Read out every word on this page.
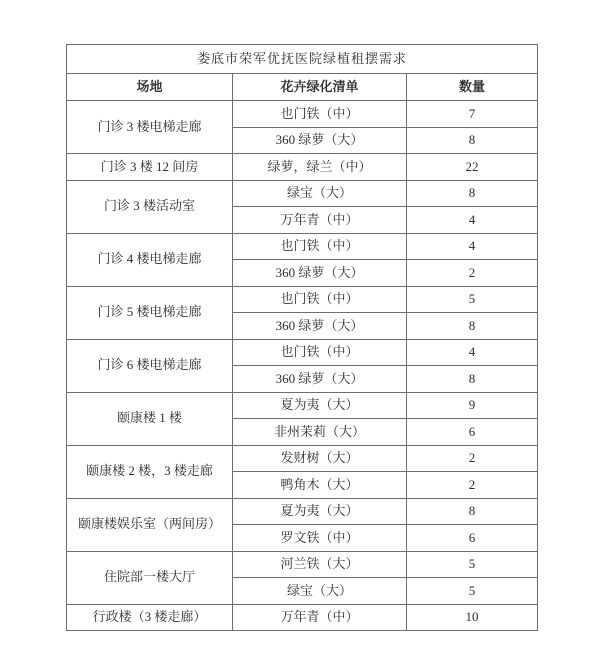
娄底市荣军优抚医院绿植租摆需求		
场地	花卉绿化清单	数量
门诊 3 楼电梯走廊	也门铁（中）	7
	360 绿萝（大）	8
门诊 3 楼 12 间房	绿萝，绿兰（中）	22
门诊 3 楼活动室	绿宝（大）	8
	万年青（中）	4
门诊 4 楼电梯走廊	也门铁（中）	4
	360 绿萝（大）	2
门诊 5 楼电梯走廊	也门铁（中）	5
	360 绿萝（大）	8
门诊 6 楼电梯走廊	也门铁（中）	4
	360 绿萝（大）	8
颐康楼 1 楼	夏为夷（大）	9
	非州茉莉（大）	6
颐康楼 2 楼，3 楼走廊	发财树（大）	2
	鸭角木（大）	2
颐康楼娱乐室（两间房）	夏为夷（大）	8
	罗文铁（中）	6
住院部一楼大厅	河兰铁（大）	5
	绿宝（大）	5
行政楼（3 楼走廊）	万年青（中）	10
